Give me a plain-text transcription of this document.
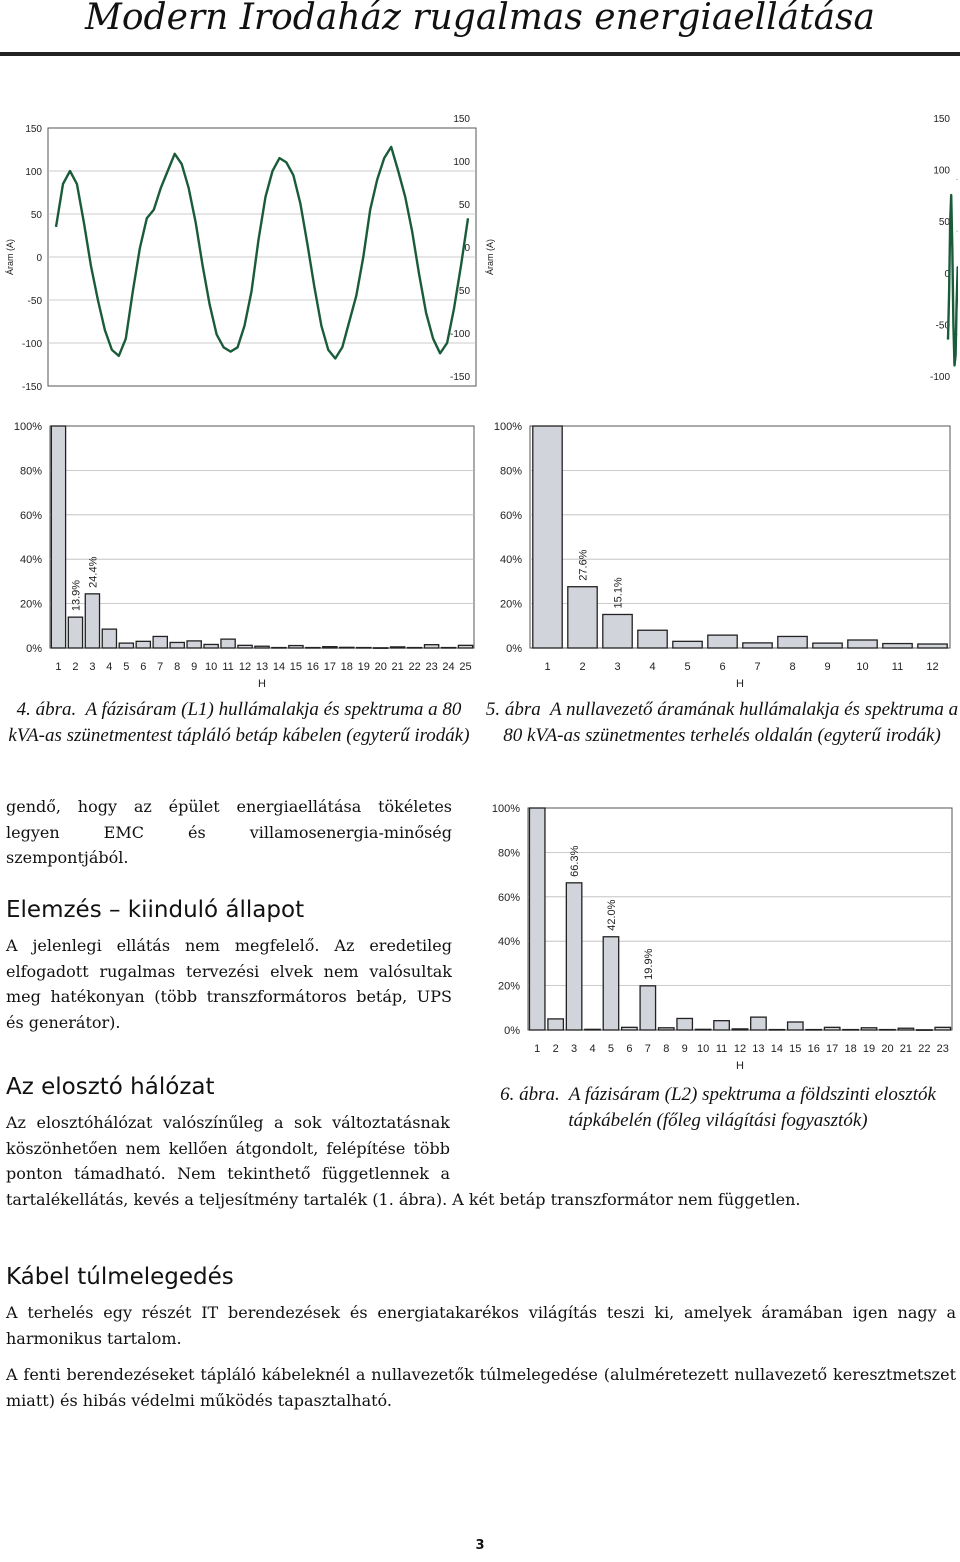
Modern Irodaház rugalmas energiaellátása
150
150
100
100
50
50
0
0
-50
-50
-100
-100
-150
-150
Áram (A)
150
100
50
0
-50
-100
Áram (A)
100%
80%
60%
40%
20%
0%
1 2
13.9%
3
24.4%
4 5 6 7 8 9 10 11 12 13 14 15 16 17 18 19 20 21 22 23 24 25
H
100%
80%
60%
40%
20%
0%
1	2
27.6%
3
15.1%
4	5	6	7	8	9 10 11 12
H
100%
80%
60%
40%
20%
0%
1 2 3
66.3%
4 5
42.0%
6 7
19.9%
8 9 10 11 12 13 14 15 16 17 18 19 20 21 22 23
H
4. ábra. A fázisáram (L1) hullámalakja és spektruma a 80 kVA-as szünetmentest tápláló betáp kábelen (egyterű irodák)
5. ábra A nullavezető áramának hullámalakja és spektruma a 80 kVA-as szünetmentes terhelés oldalán (egyterű irodák)
6. ábra. A fázisáram (L2) spektruma a földszinti elosztók tápkábelén (főleg világítási fogyasztók)
gendő, hogy az épület energiaellátása tökéletes legyen EMC és villamosenergia-minőség szempontjából.
Elemzés – kiinduló állapot
A jelenlegi ellátás nem megfelelő. Az eredetileg elfogadott rugalmas tervezési elvek nem valósultak meg hatékonyan (több transzformátoros betáp, UPS és generátor).
Az elosztó hálózat
Az elosztóhálózat valószínűleg a sok változtatásnak köszönhetően nem kellően átgondolt, felépítése több ponton támadható. Nem tekinthető függetlennek a tartalékellátás, kevés a teljesítmény tartalék (1. ábra). A két betáp transzformátor nem független.
Kábel túlmelegedés
A terhelés egy részét IT berendezések és energiatakarékos világítás teszi ki, amelyek áramában igen nagy a harmonikus tartalom.
A fenti berendezéseket tápláló kábeleknél a nullavezetők túlmelegedése (alulméretezett nullavezető keresztmetszet miatt) és hibás védelmi működés tapasztalható.
3
